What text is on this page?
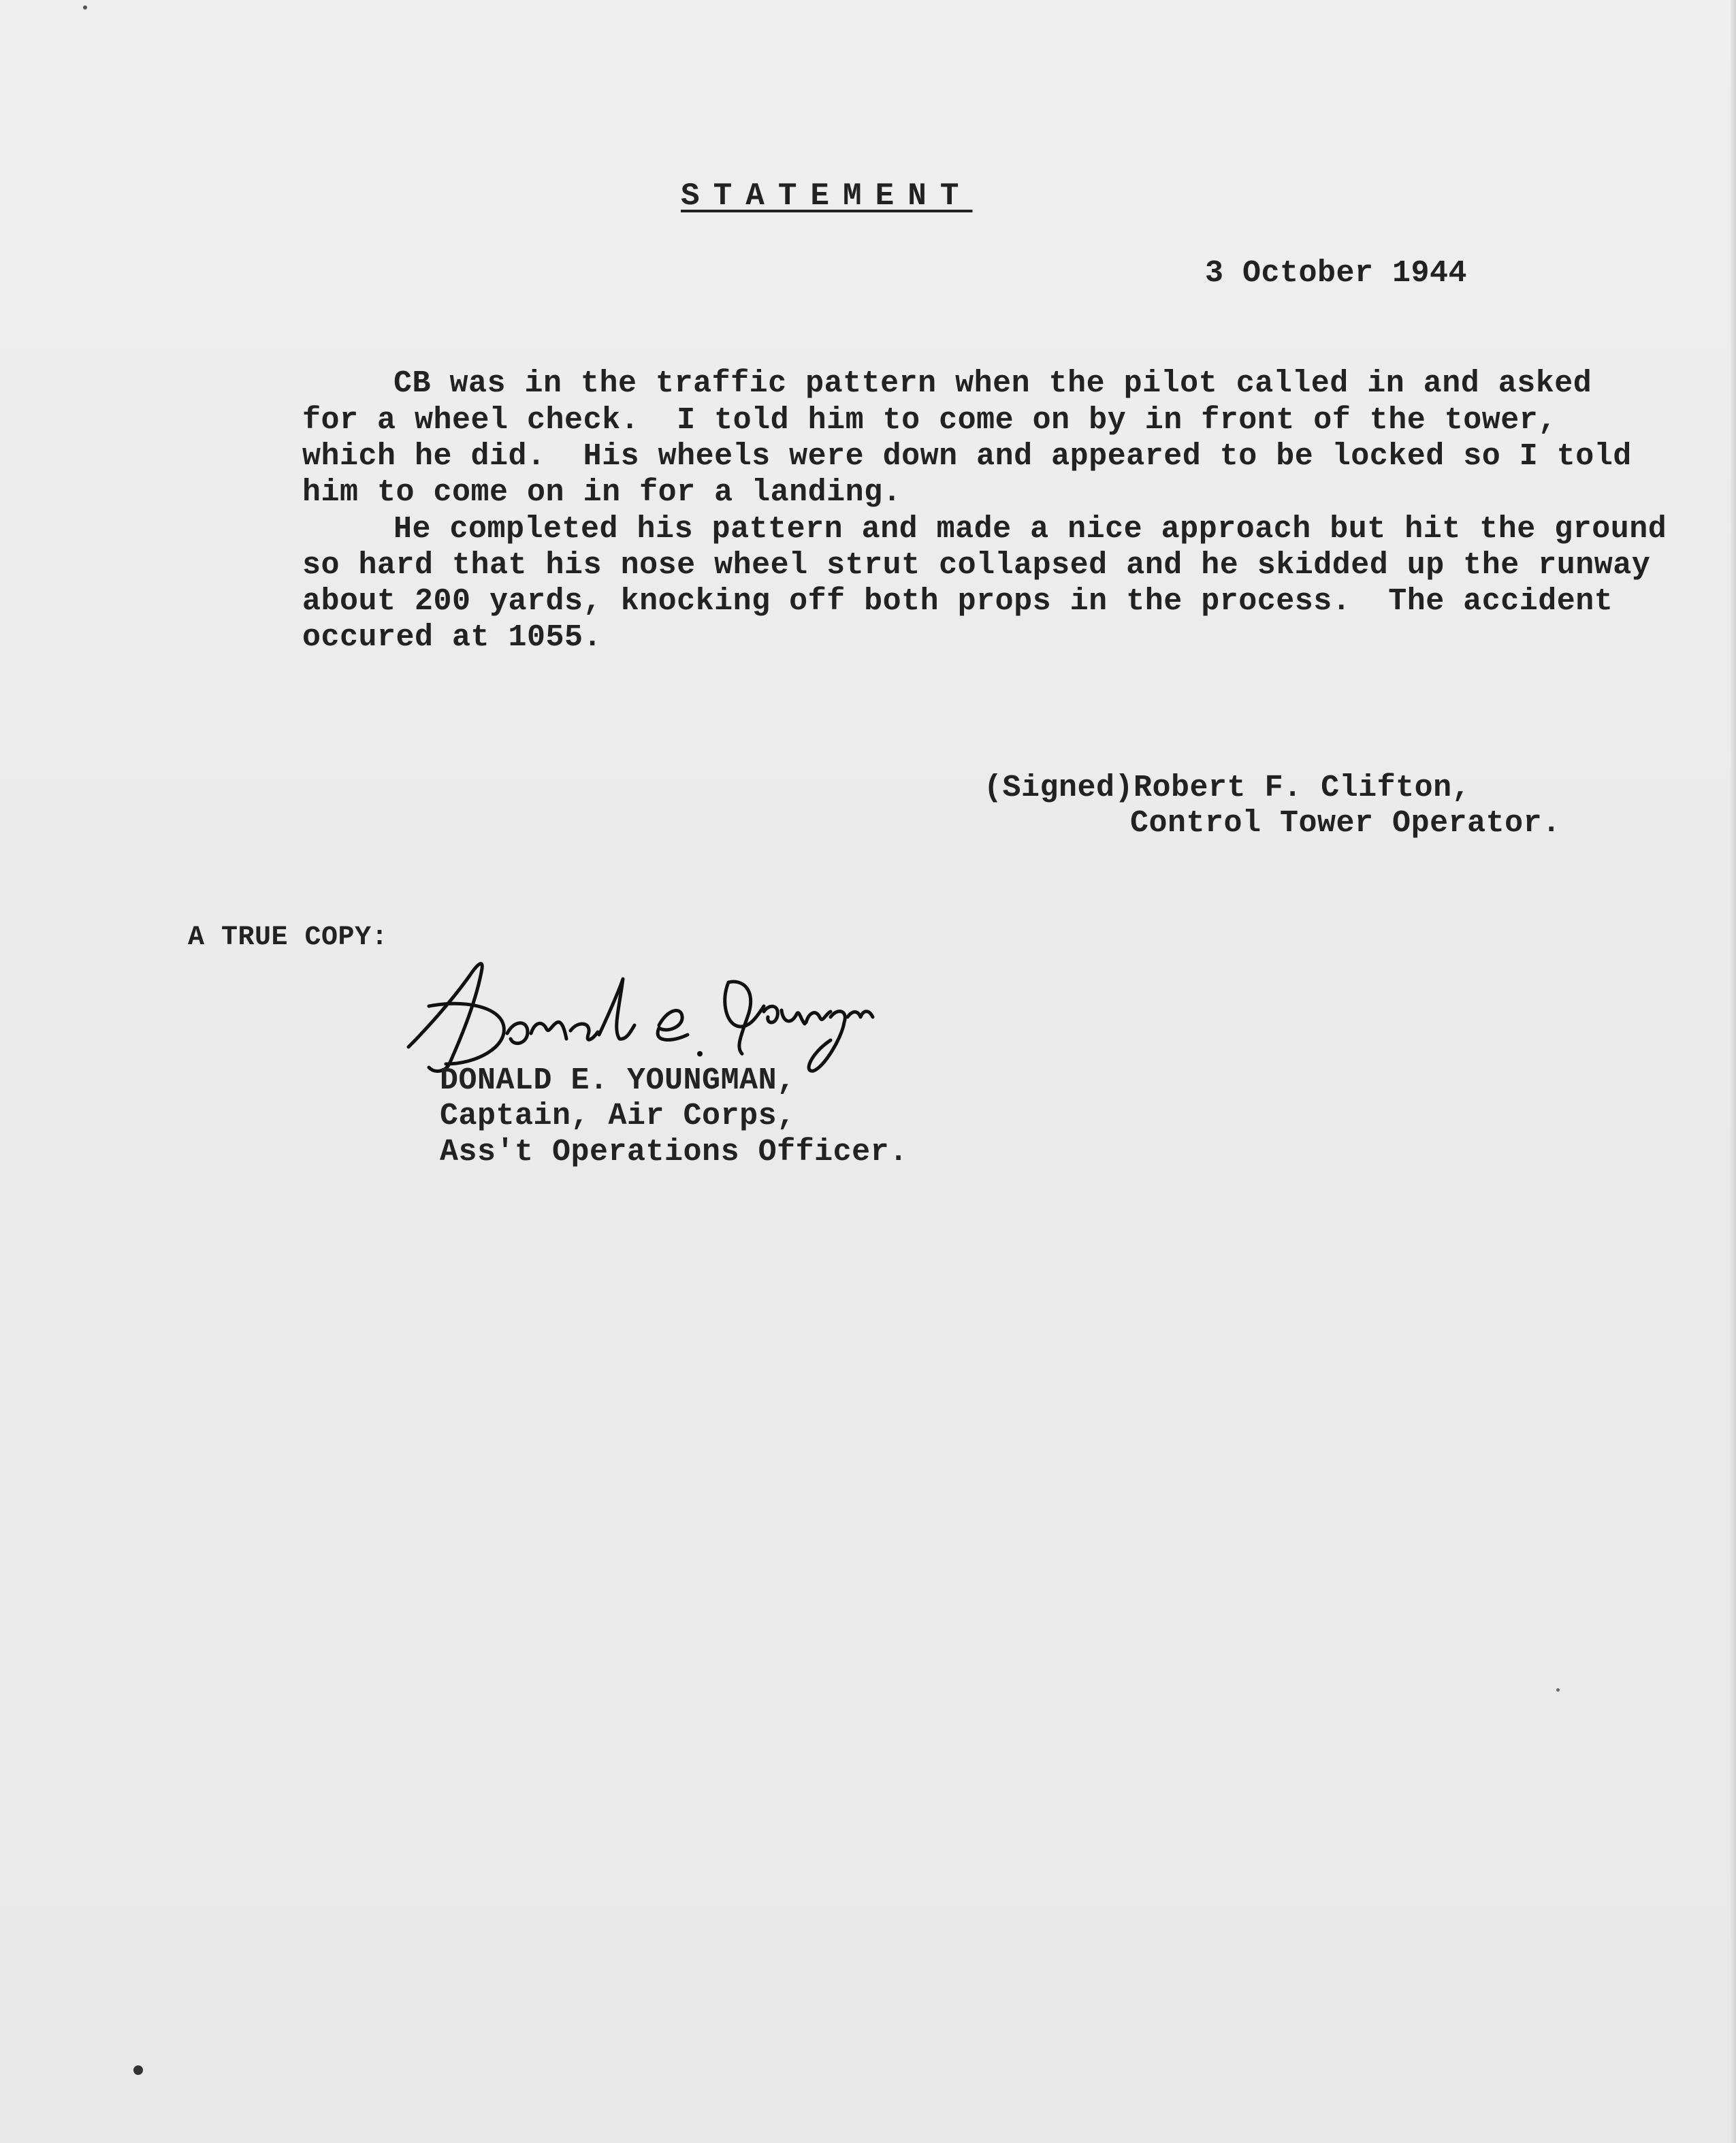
STATEMENT
3 October 1944
CB was in the traffic pattern when the pilot called in and asked
for a wheel check.  I told him to come on by in front of the tower,
which he did.  His wheels were down and appeared to be locked so I told
him to come on in for a landing.
He completed his pattern and made a nice approach but hit the ground
so hard that his nose wheel strut collapsed and he skidded up the runway
about 200 yards, knocking off both props in the process.  The accident
occured at 1055.
(Signed)Robert F. Clifton,
Control Tower Operator.
A TRUE COPY:
DONALD E. YOUNGMAN,
Captain, Air Corps,
Ass't Operations Officer.
